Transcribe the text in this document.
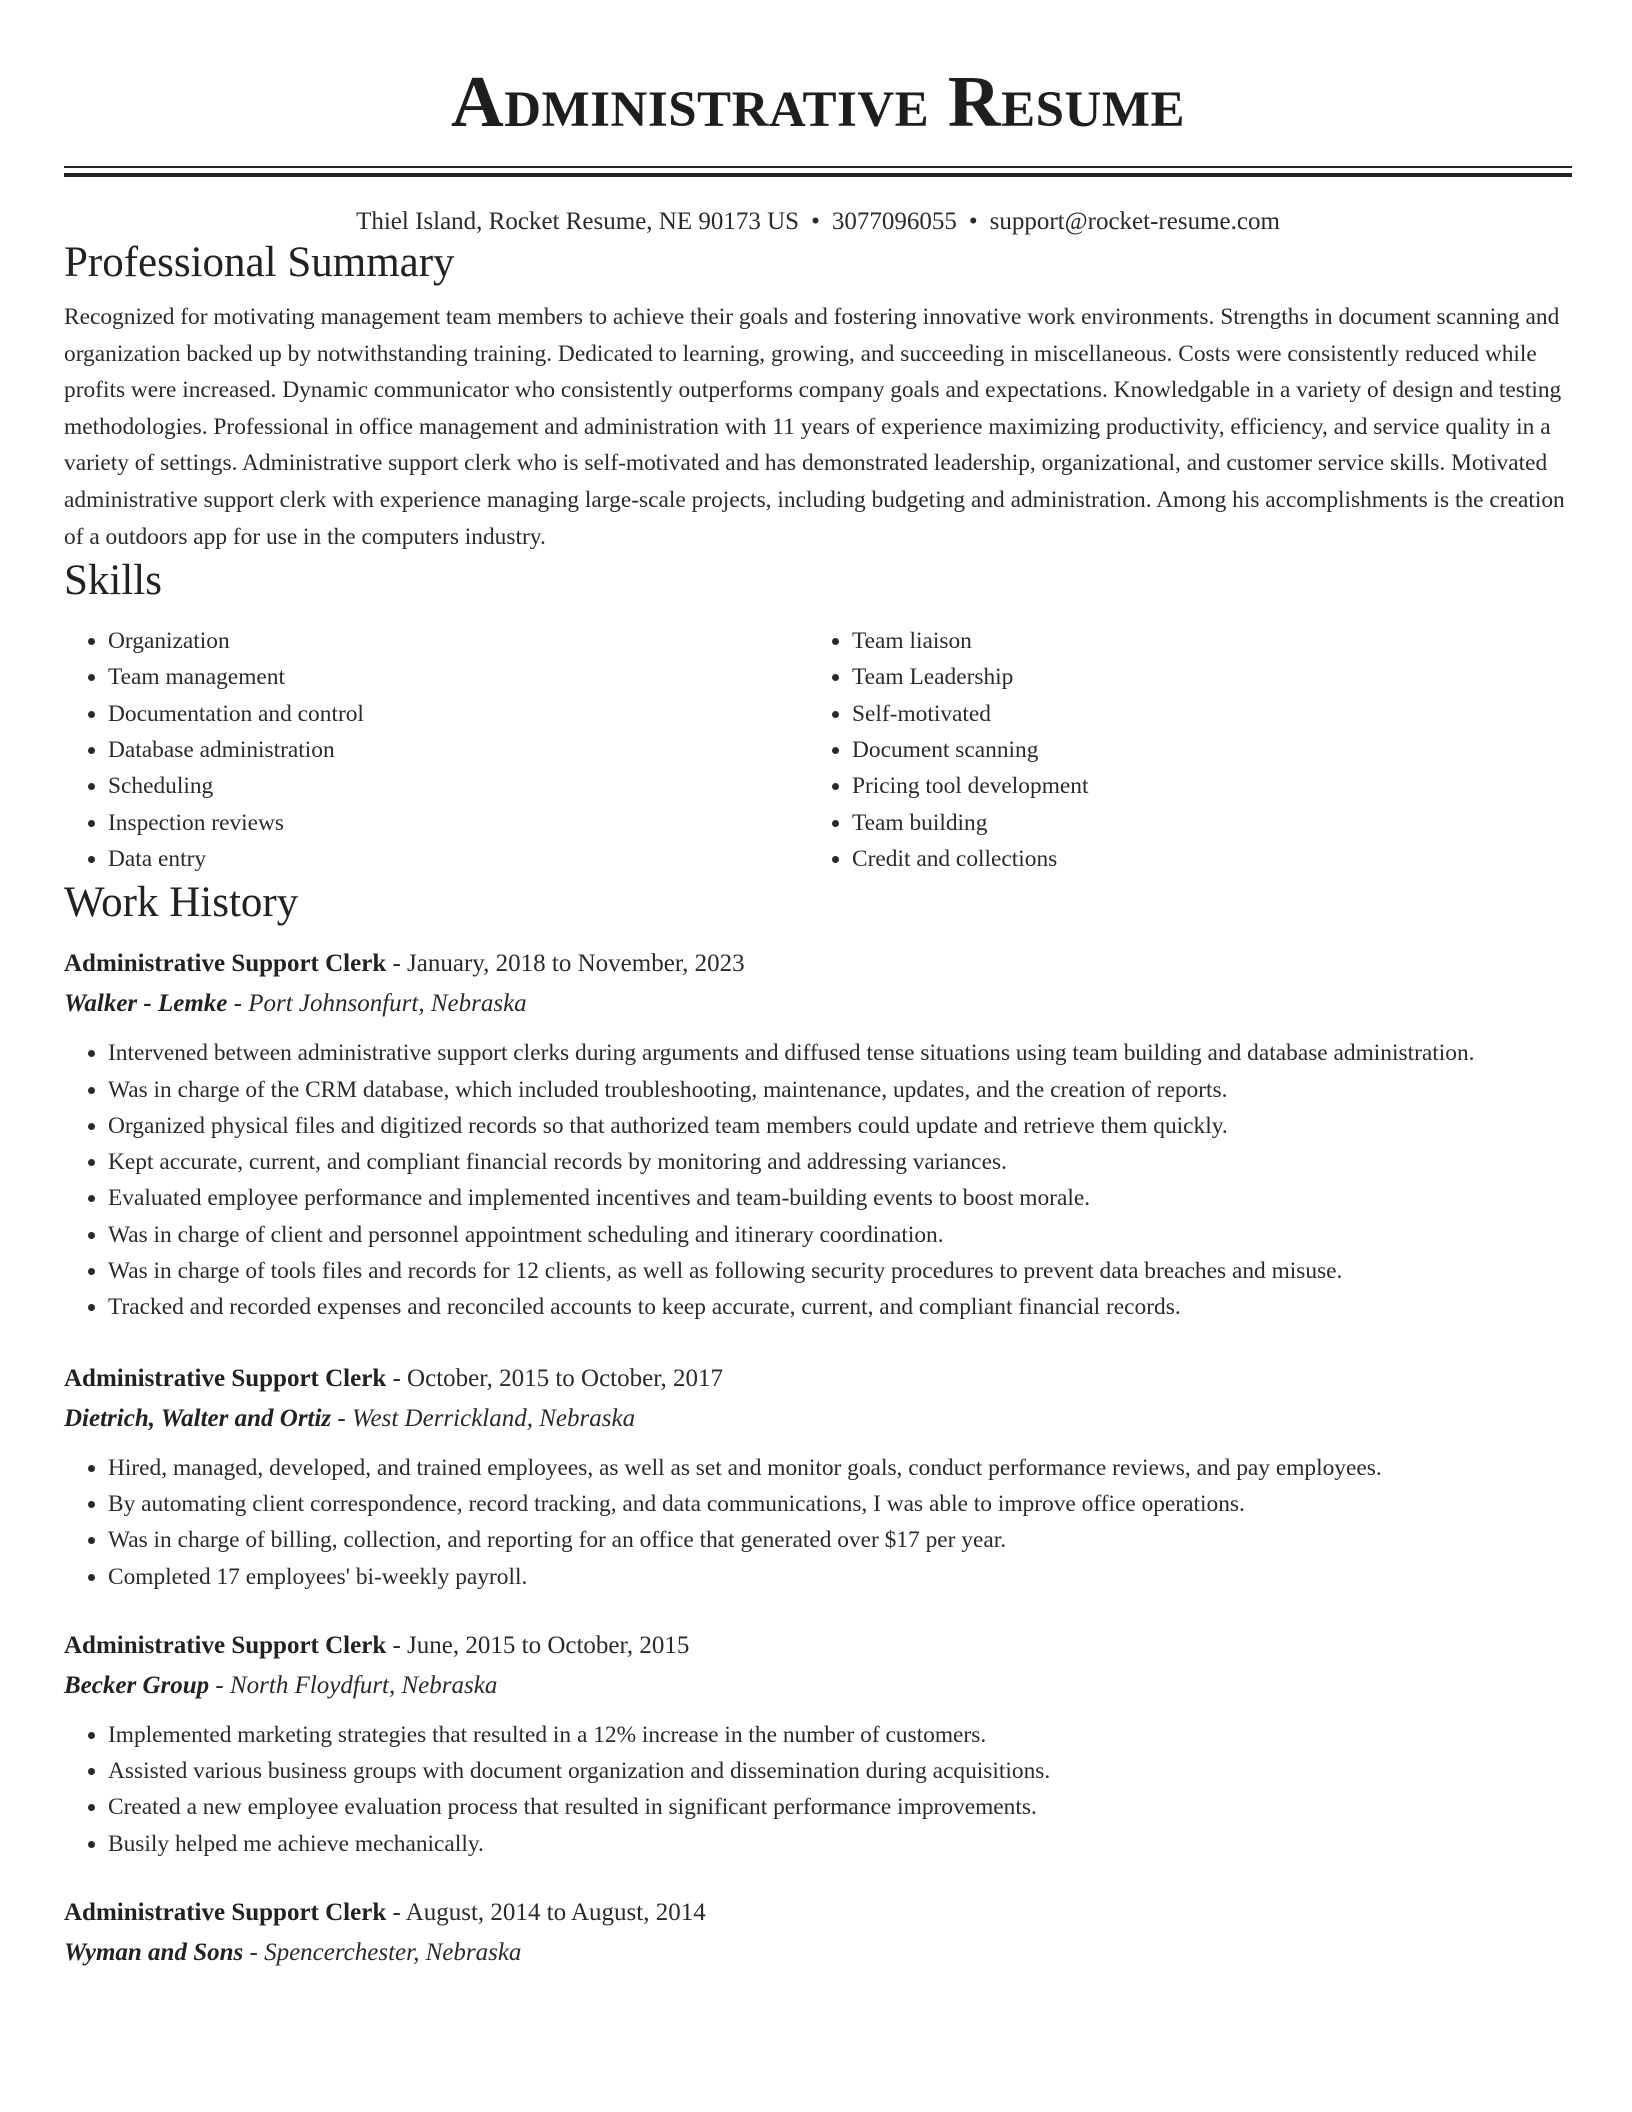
Administrative Resume
Thiel Island, Rocket Resume, NE 90173 US • 3077096055 • support@rocket-resume.com
Professional Summary
Recognized for motivating management team members to achieve their goals and fostering innovative work environments. Strengths in document scanning and organization backed up by notwithstanding training. Dedicated to learning, growing, and succeeding in miscellaneous. Costs were consistently reduced while profits were increased. Dynamic communicator who consistently outperforms company goals and expectations. Knowledgable in a variety of design and testing methodologies. Professional in office management and administration with 11 years of experience maximizing productivity, efficiency, and service quality in a variety of settings. Administrative support clerk who is self-motivated and has demonstrated leadership, organizational, and customer service skills. Motivated administrative support clerk with experience managing large-scale projects, including budgeting and administration. Among his accomplishments is the creation of a outdoors app for use in the computers industry.
Skills
• Organization
• Team management
• Documentation and control
• Database administration
• Scheduling
• Inspection reviews
• Data entry
• Team liaison
• Team Leadership
• Self-motivated
• Document scanning
• Pricing tool development
• Team building
• Credit and collections
Work History
Administrative Support Clerk - January, 2018 to November, 2023
Walker - Lemke - Port Johnsonfurt, Nebraska
• Intervened between administrative support clerks during arguments and diffused tense situations using team building and database administration.
• Was in charge of the CRM database, which included troubleshooting, maintenance, updates, and the creation of reports.
• Organized physical files and digitized records so that authorized team members could update and retrieve them quickly.
• Kept accurate, current, and compliant financial records by monitoring and addressing variances.
• Evaluated employee performance and implemented incentives and team-building events to boost morale.
• Was in charge of client and personnel appointment scheduling and itinerary coordination.
• Was in charge of tools files and records for 12 clients, as well as following security procedures to prevent data breaches and misuse.
• Tracked and recorded expenses and reconciled accounts to keep accurate, current, and compliant financial records.
Administrative Support Clerk - October, 2015 to October, 2017
Dietrich, Walter and Ortiz - West Derrickland, Nebraska
• Hired, managed, developed, and trained employees, as well as set and monitor goals, conduct performance reviews, and pay employees.
• By automating client correspondence, record tracking, and data communications, I was able to improve office operations.
• Was in charge of billing, collection, and reporting for an office that generated over $17 per year.
• Completed 17 employees' bi-weekly payroll.
Administrative Support Clerk - June, 2015 to October, 2015
Becker Group - North Floydfurt, Nebraska
• Implemented marketing strategies that resulted in a 12% increase in the number of customers.
• Assisted various business groups with document organization and dissemination during acquisitions.
• Created a new employee evaluation process that resulted in significant performance improvements.
• Busily helped me achieve mechanically.
Administrative Support Clerk - August, 2014 to August, 2014
Wyman and Sons - Spencerchester, Nebraska
